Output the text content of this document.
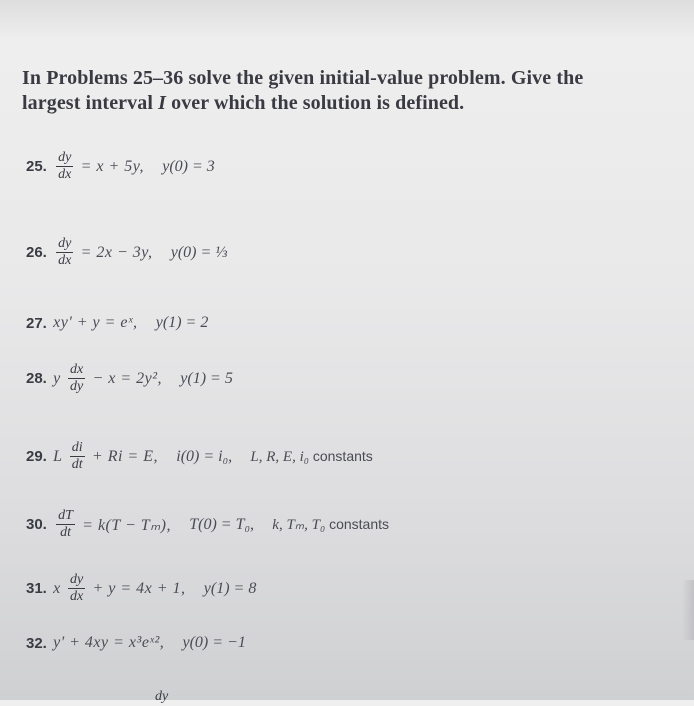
In Problems 25–36 solve the given initial-value problem. Give the
largest interval I over which the solution is defined.
25. $\frac{dy}{dx} = x + 5y$, y(0) = 3
26. $\frac{dy}{dx} = 2x - 3y$, y(0) = ⅓
27. xy' + y = eˣ, y(1) = 2
28. y $\frac{dx}{dy} - x = 2y^2$, y(1) = 5
29. L $\frac{di}{dt} + Ri = E$, i(0) = i₀, L, R, E, i₀ constants
30. $\frac{dT}{dt} = k(T - T_m)$, T(0) = T₀, k, Tₘ, T₀ constants
31. x $\frac{dy}{dx} + y = 4x + 1$, y(1) = 8
32. y' + 4xy = x³eˣ², y(0) = −1
dy
